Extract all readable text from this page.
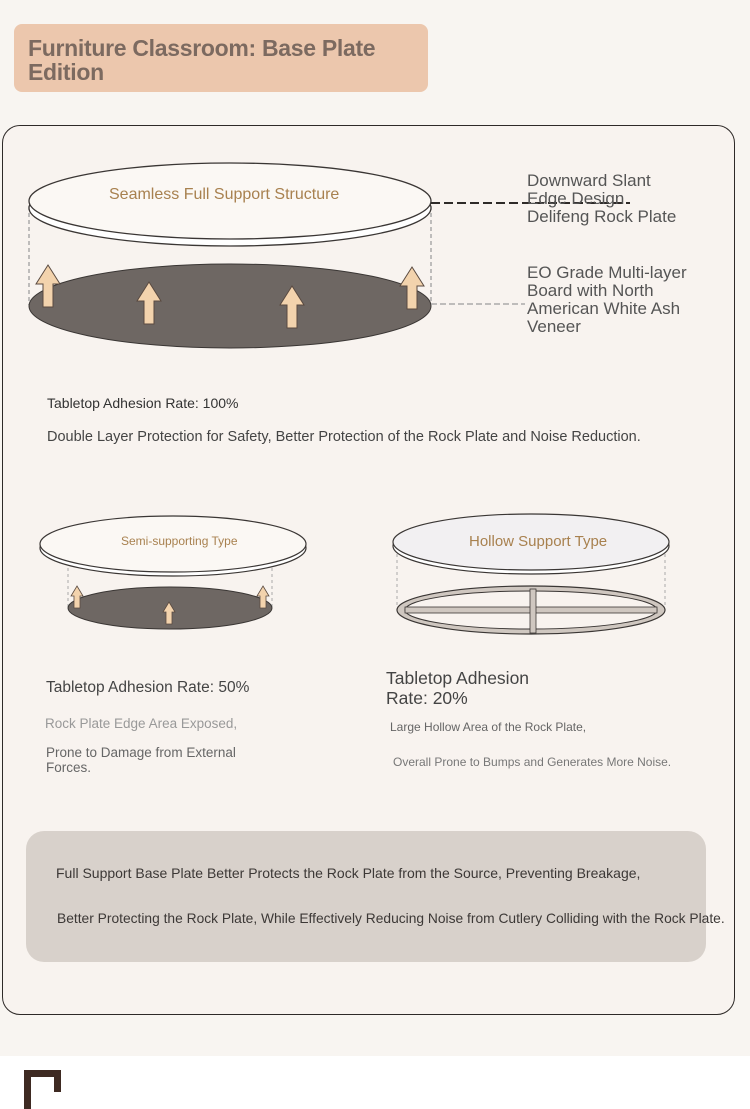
Furniture Classroom: Base Plate Edition
Seamless Full Support Structure
Downward Slant Edge Design
Delifeng Rock Plate
EO Grade Multi-layer Board with North American White Ash Veneer
Tabletop Adhesion Rate: 100%
Double Layer Protection for Safety, Better Protection of the Rock Plate and Noise Reduction.
Semi-supporting Type
Tabletop Adhesion Rate: 50%
Rock Plate Edge Area Exposed,
Prone to Damage from External Forces.
Hollow Support Type
Tabletop Adhesion Rate: 20%
Large Hollow Area of the Rock Plate,
Overall Prone to Bumps and Generates More Noise.
Full Support Base Plate Better Protects the Rock Plate from the Source, Preventing Breakage,
Better Protecting the Rock Plate, While Effectively Reducing Noise from Cutlery Colliding with the Rock Plate.
